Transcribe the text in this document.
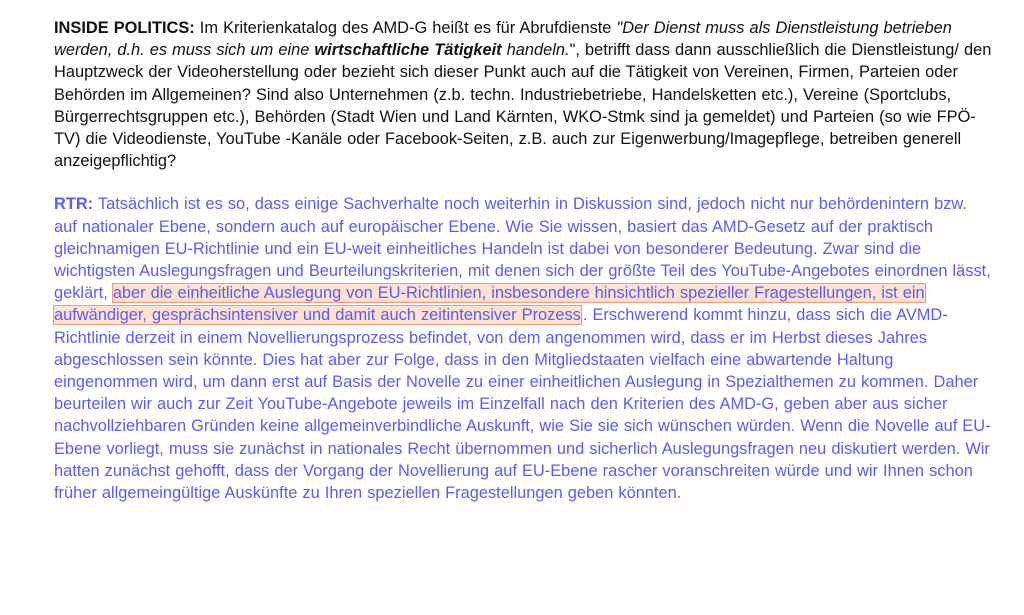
INSIDE POLITICS: Im Kriterienkatalog des AMD-G heißt es für Abrufdienste "Der Dienst muss als Dienstleistung betrieben werden, d.h. es muss sich um eine wirtschaftliche Tätigkeit handeln.", betrifft dass dann ausschließlich die Dienstleistung/ den Hauptzweck der Videoherstellung oder bezieht sich dieser Punkt auch auf die Tätigkeit von Vereinen, Firmen, Parteien oder Behörden im Allgemeinen? Sind also Unternehmen (z.b. techn. Industriebetriebe, Handelsketten etc.), Vereine (Sportclubs, Bürgerrechtsgruppen etc.), Behörden (Stadt Wien und Land Kärnten, WKO-Stmk sind ja gemeldet) und Parteien (so wie FPÖ-TV) die Videodienste, YouTube -Kanäle oder Facebook-Seiten, z.B. auch zur Eigenwerbung/Imagepflege, betreiben generell anzeigepflichtig?

RTR: Tatsächlich ist es so, dass einige Sachverhalte noch weiterhin in Diskussion sind, jedoch nicht nur behördenintern bzw. auf nationaler Ebene, sondern auch auf europäischer Ebene. Wie Sie wissen, basiert das AMD-Gesetz auf der praktisch gleichnamigen EU-Richtlinie und ein EU-weit einheitliches Handeln ist dabei von besonderer Bedeutung. Zwar sind die wichtigsten Auslegungsfragen und Beurteilungskriterien, mit denen sich der größte Teil des YouTube-Angebotes einordnen lässt, geklärt, aber die einheitliche Auslegung von EU-Richtlinien, insbesondere hinsichtlich spezieller Fragestellungen, ist ein aufwändiger, gesprächsintensiver und damit auch zeitintensiver Prozess . Erschwerend kommt hinzu, dass sich die AVMD-Richtlinie derzeit in einem Novellierungsprozess befindet, von dem angenommen wird, dass er im Herbst dieses Jahres abgeschlossen sein könnte. Dies hat aber zur Folge, dass in den Mitgliedstaaten vielfach eine abwartende Haltung eingenommen wird, um dann erst auf Basis der Novelle zu einer einheitlichen Auslegung in Spezialthemen zu kommen. Daher beurteilen wir auch zur Zeit YouTube-Angebote jeweils im Einzelfall nach den Kriterien des AMD-G, geben aber aus sicher nachvollziehbaren Gründen keine allgemeinverbindliche Auskunft, wie Sie sie sich wünschen würden. Wenn die Novelle auf EU-Ebene vorliegt, muss sie zunächst in nationales Recht übernommen und sicherlich Auslegungsfragen neu diskutiert werden. Wir hatten zunächst gehofft, dass der Vorgang der Novellierung auf EU-Ebene rascher voranschreiten würde und wir Ihnen schon früher allgemeingültige Auskünfte zu Ihren speziellen Fragestellungen geben könnten.
